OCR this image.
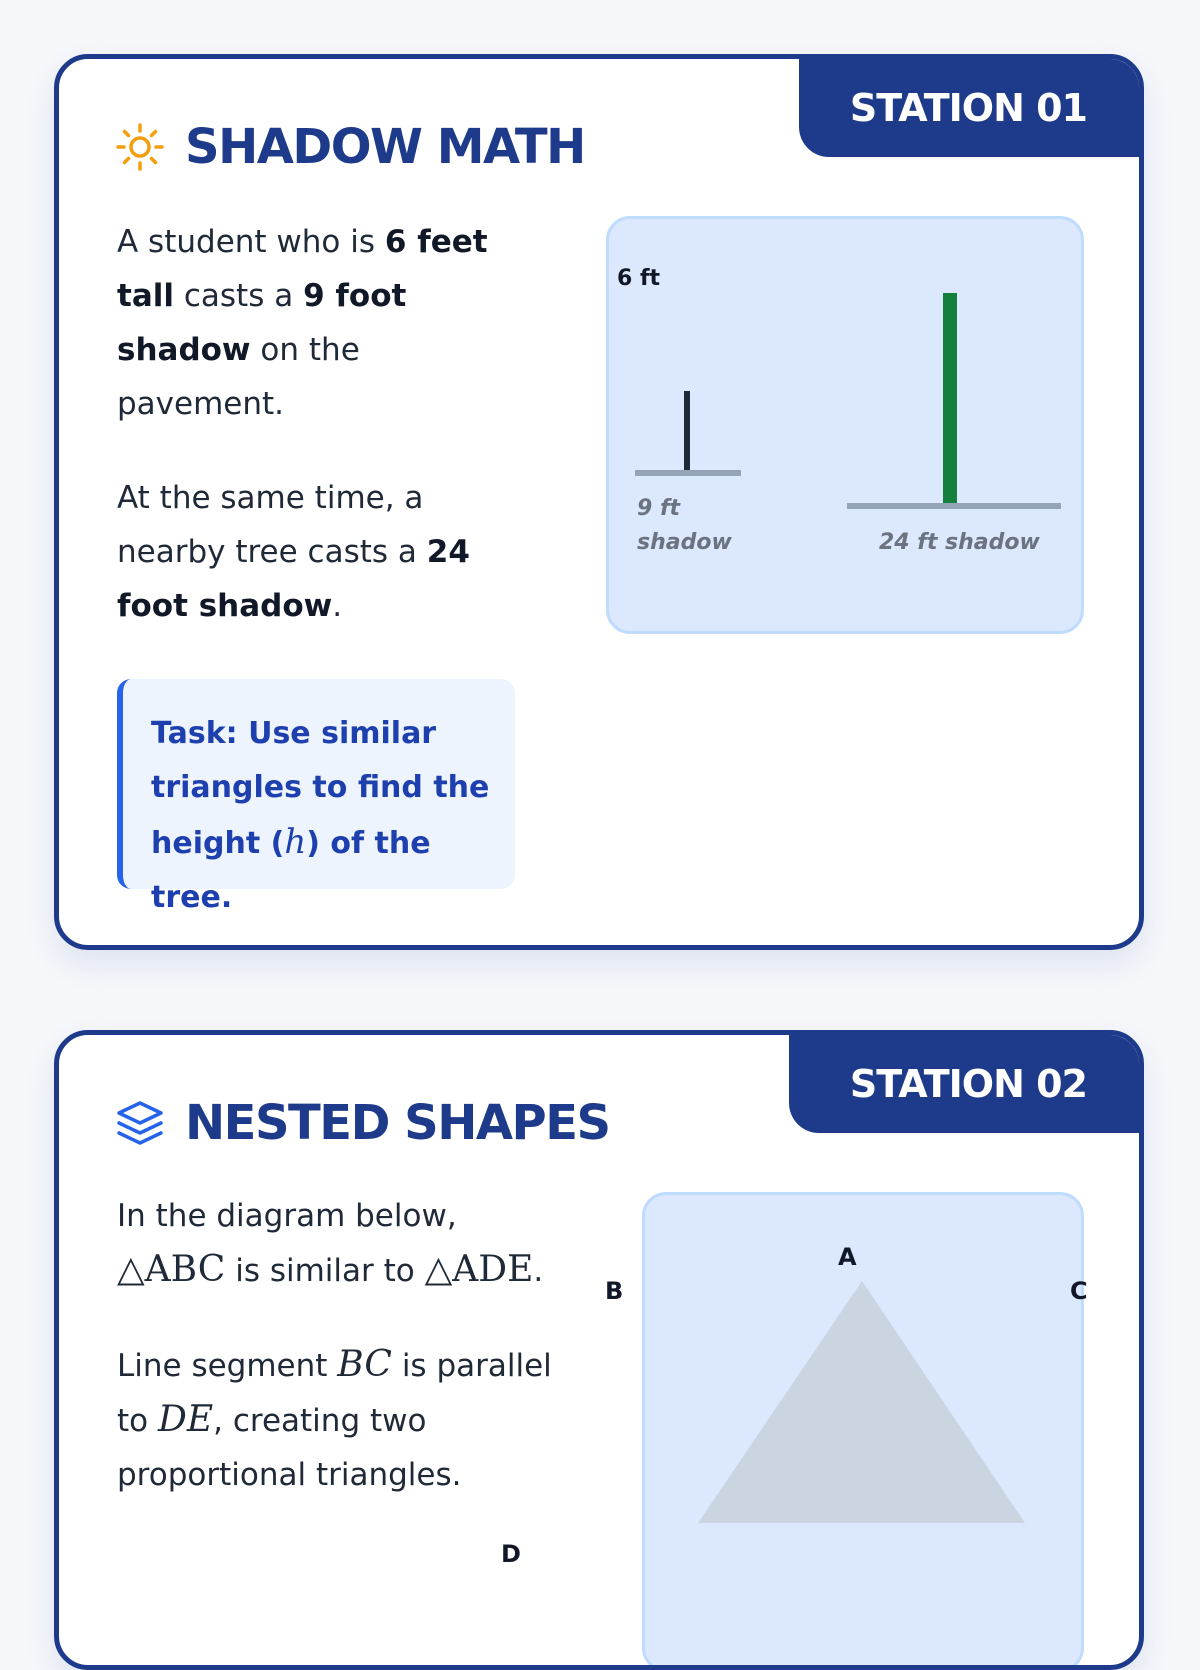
STATION 01
SHADOW MATH

A student who is 6 feet tall casts a 9 foot shadow on the pavement.

At the same time, a nearby tree casts a 24 foot shadow.

Task: Use similar triangles to find the height (h) of the tree.
6 ft
9 ft
shadow	24 ft shadow
STATION 02
NESTED SHAPES

In the diagram below, △ABC is similar to △ADE.

Line segment BC is parallel to DE, creating two proportional triangles.

A
B	C
D
